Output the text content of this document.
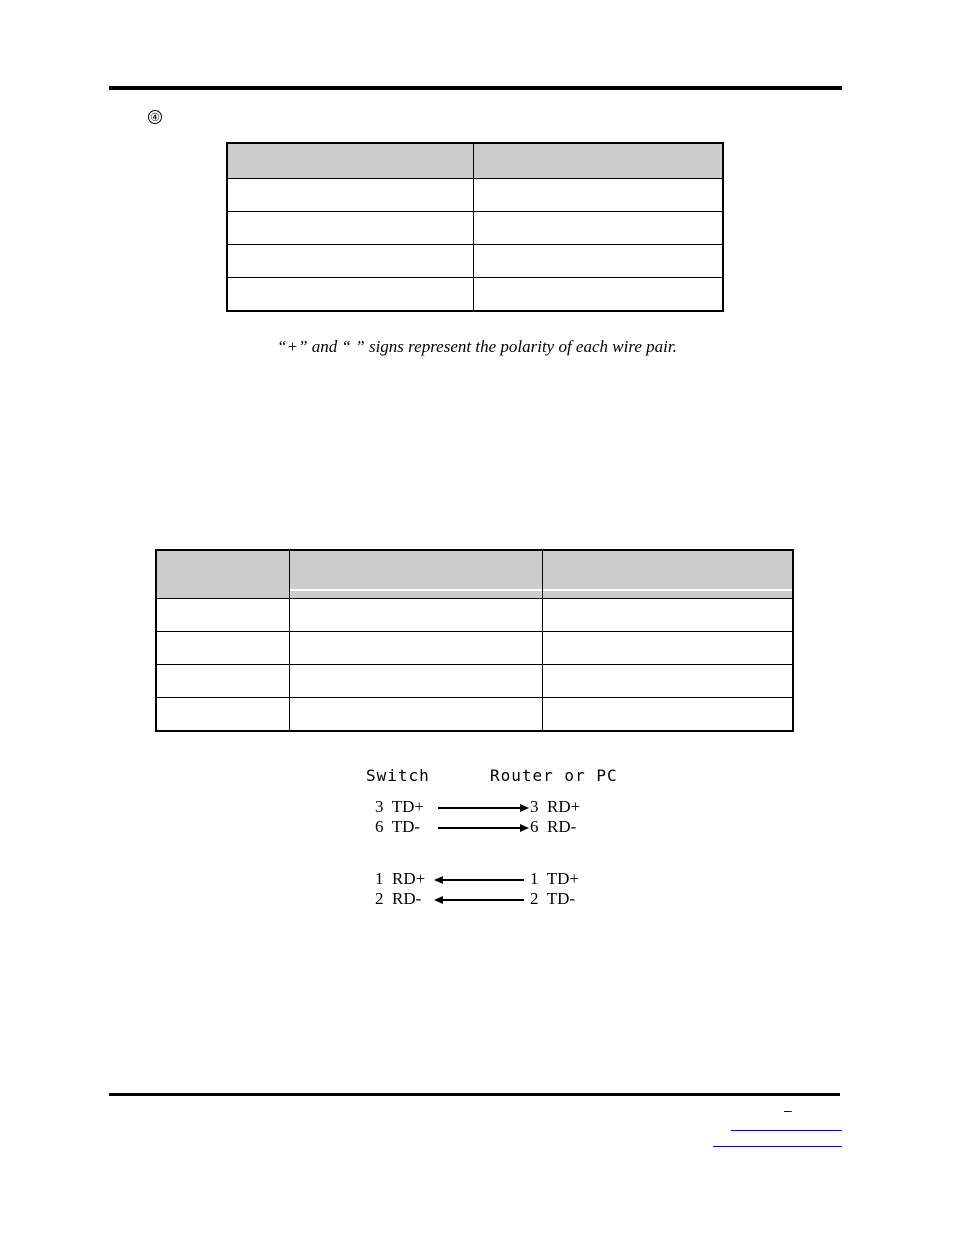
④

“+” and “ ” signs represent the polarity of each wire pair.

Switch	Router or PC
3  TD+	3  RD+
6  TD-	6  RD-
1  RD+	1  TD+
2  RD-	2  TD-
–
